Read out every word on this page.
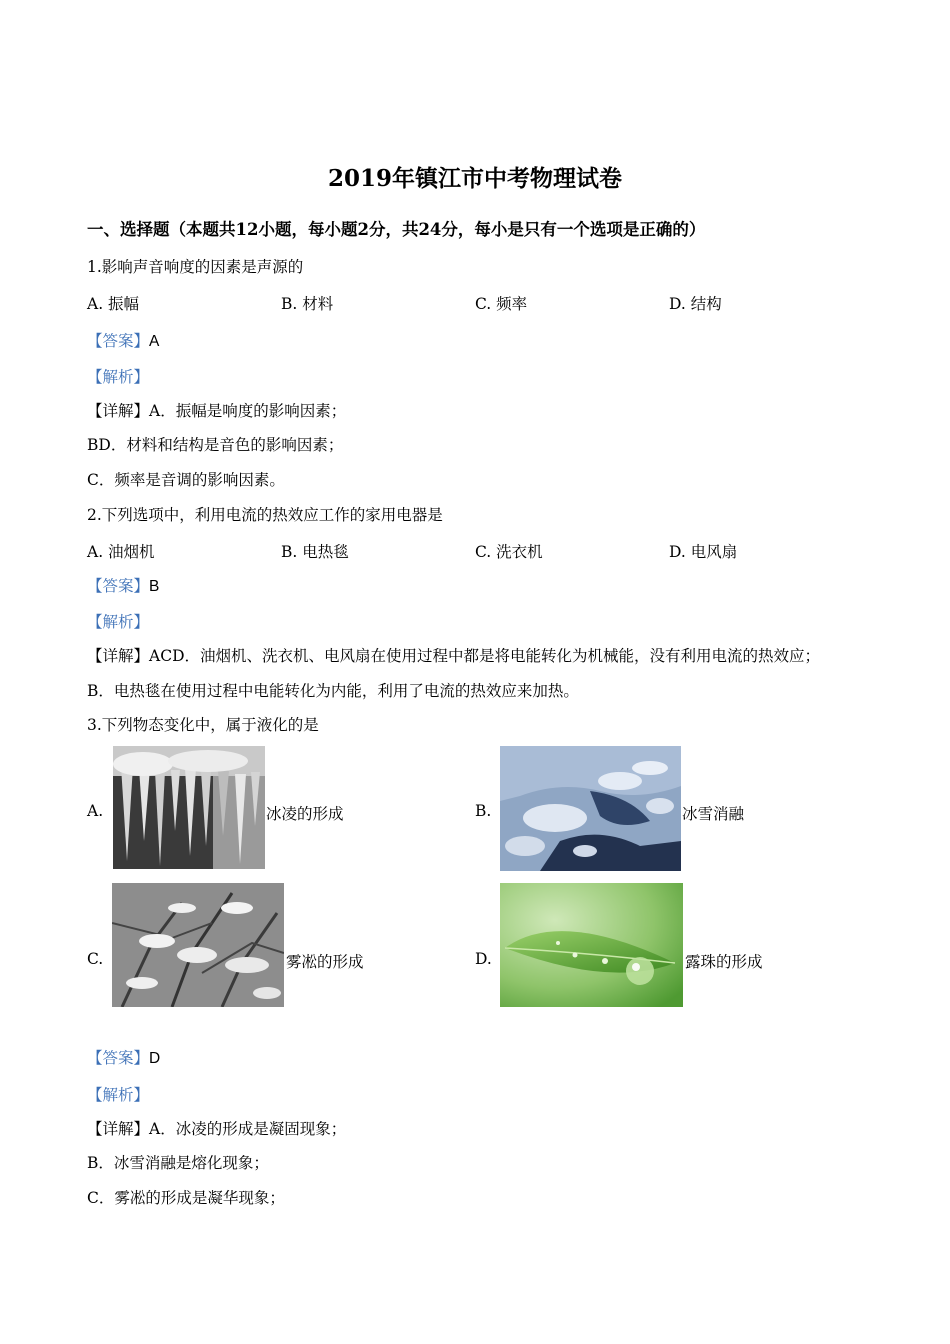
2019年镇江市中考物理试卷
一、选择题（本题共12小题，每小题2分，共24分，每小是只有一个选项是正确的）
1.影响声音响度的因素是声源的
A. 振幅	B. 材料	C. 频率	D. 结构
【答案】A
【解析】
【详解】A．振幅是响度的影响因素；
BD．材料和结构是音色的影响因素；
C．频率是音调的影响因素。
2.下列选项中，利用电流的热效应工作的家用电器是
A. 油烟机	B. 电热毯	C. 洗衣机	D. 电风扇
【答案】B
【解析】
【详解】ACD．油烟机、洗衣机、电风扇在使用过程中都是将电能转化为机械能，没有利用电流的热效应；
B．电热毯在使用过程中电能转化为内能，利用了电流的热效应来加热。
3.下列物态变化中，属于液化的是
A.	冰凌的形成	B.	冰雪消融
C.	雾凇的形成	D.	露珠的形成
【答案】D
【解析】
【详解】A．冰凌的形成是凝固现象；
B．冰雪消融是熔化现象；
C．雾凇的形成是凝华现象；
